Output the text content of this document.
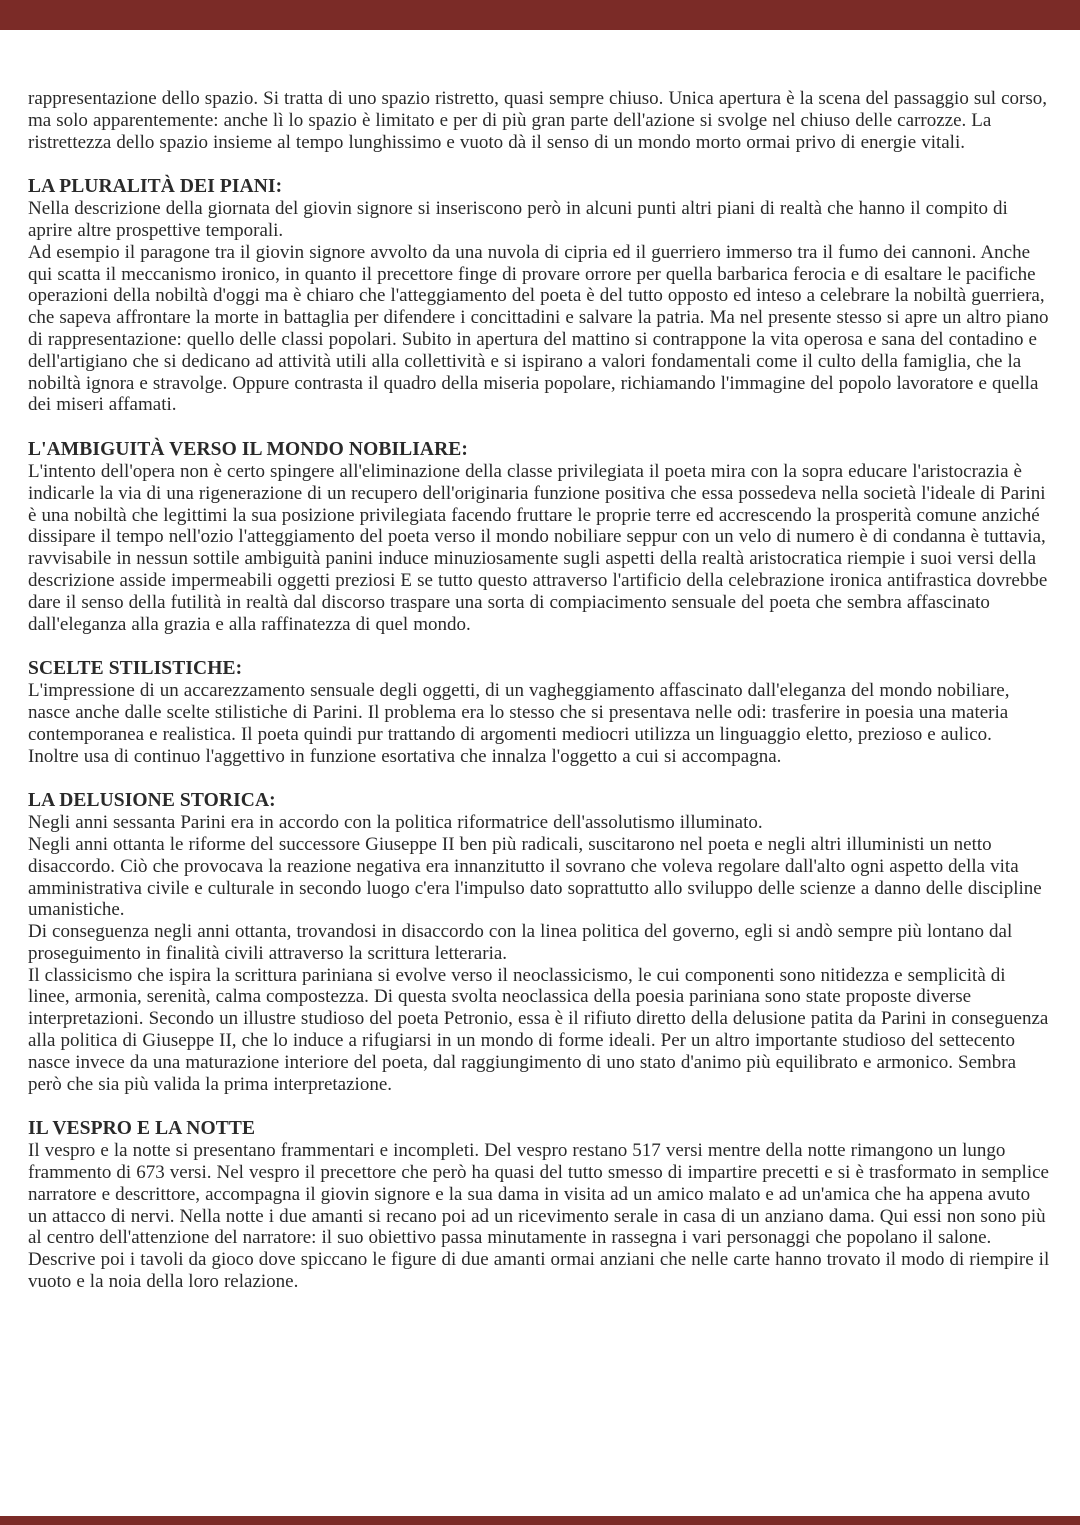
rappresentazione dello spazio. Si tratta di uno spazio ristretto, quasi sempre chiuso. Unica apertura è la scena del passaggio sul corso, ma solo apparentemente: anche lì lo spazio è limitato e per di più gran parte dell'azione si svolge nel chiuso delle carrozze. La ristrettezza dello spazio insieme al tempo lunghissimo e vuoto dà il senso di un mondo morto ormai privo di energie vitali.

LA PLURALITÀ DEI PIANI:

Nella descrizione della giornata del giovin signore si inseriscono però in alcuni punti altri piani di realtà che hanno il compito di aprire altre prospettive temporali.

Ad esempio il paragone tra il giovin signore avvolto da una nuvola di cipria ed il guerriero immerso tra il fumo dei cannoni. Anche qui scatta il meccanismo ironico, in quanto il precettore finge di provare orrore per quella barbarica ferocia e di esaltare le pacifiche operazioni della nobiltà d'oggi ma è chiaro che l'atteggiamento del poeta è del tutto opposto ed inteso a celebrare la nobiltà guerriera, che sapeva affrontare la morte in battaglia per difendere i concittadini e salvare la patria. Ma nel presente stesso si apre un altro piano di rappresentazione: quello delle classi popolari. Subito in apertura del mattino si contrappone la vita operosa e sana del contadino e dell'artigiano che si dedicano ad attività utili alla collettività e si ispirano a valori fondamentali come il culto della famiglia, che la nobiltà ignora e stravolge. Oppure contrasta il quadro della miseria popolare, richiamando l'immagine del popolo lavoratore e quella dei miseri affamati.

L'AMBIGUITÀ VERSO IL MONDO NOBILIARE:

L'intento dell'opera non è certo spingere all'eliminazione della classe privilegiata il poeta mira con la sopra educare l'aristocrazia è indicarle la via di una rigenerazione di un recupero dell'originaria funzione positiva che essa possedeva nella società l'ideale di Parini è una nobiltà che legittimi la sua posizione privilegiata facendo fruttare le proprie terre ed accrescendo la prosperità comune anziché dissipare il tempo nell'ozio l'atteggiamento del poeta verso il mondo nobiliare seppur con un velo di numero è di condanna è tuttavia, ravvisabile in nessun sottile ambiguità panini induce minuziosamente sugli aspetti della realtà aristocratica riempie i suoi versi della descrizione asside impermeabili oggetti preziosi E se tutto questo attraverso l'artificio della celebrazione ironica antifrastica dovrebbe dare il senso della futilità in realtà dal discorso traspare una sorta di compiacimento sensuale del poeta che sembra affascinato dall'eleganza alla grazia e alla raffinatezza di quel mondo.

SCELTE STILISTICHE:

L'impressione di un accarezzamento sensuale degli oggetti, di un vagheggiamento affascinato dall'eleganza del mondo nobiliare, nasce anche dalle scelte stilistiche di Parini. Il problema era lo stesso che si presentava nelle odi: trasferire in poesia una materia contemporanea e realistica. Il poeta quindi pur trattando di argomenti mediocri utilizza un linguaggio eletto, prezioso e aulico.

Inoltre usa di continuo l'aggettivo in funzione esortativa che innalza l'oggetto a cui si accompagna.

LA DELUSIONE STORICA:

Negli anni sessanta Parini era in accordo con la politica riformatrice dell'assolutismo illuminato.

Negli anni ottanta le riforme del successore Giuseppe II ben più radicali, suscitarono nel poeta e negli altri illuministi un netto disaccordo. Ciò che provocava la reazione negativa era innanzitutto il sovrano che voleva regolare dall'alto ogni aspetto della vita amministrativa civile e culturale in secondo luogo c'era l'impulso dato soprattutto allo sviluppo delle scienze a danno delle discipline umanistiche.

Di conseguenza negli anni ottanta, trovandosi in disaccordo con la linea politica del governo, egli si andò sempre più lontano dal proseguimento in finalità civili attraverso la scrittura letteraria.

Il classicismo che ispira la scrittura pariniana si evolve verso il neoclassicismo, le cui componenti sono nitidezza e semplicità di linee, armonia, serenità, calma compostezza. Di questa svolta neoclassica della poesia pariniana sono state proposte diverse interpretazioni. Secondo un illustre studioso del poeta Petronio, essa è il rifiuto diretto della delusione patita da Parini in conseguenza alla politica di Giuseppe II, che lo induce a rifugiarsi in un mondo di forme ideali. Per un altro importante studioso del settecento nasce invece da una maturazione interiore del poeta, dal raggiungimento di uno stato d'animo più equilibrato e armonico. Sembra però che sia più valida la prima interpretazione.

IL VESPRO E LA NOTTE

Il vespro e la notte si presentano frammentari e incompleti. Del vespro restano 517 versi mentre della notte rimangono un lungo frammento di 673 versi. Nel vespro il precettore che però ha quasi del tutto smesso di impartire precetti e si è trasformato in semplice narratore e descrittore, accompagna il giovin signore e la sua dama in visita ad un amico malato e ad un'amica che ha appena avuto un attacco di nervi. Nella notte i due amanti si recano poi ad un ricevimento serale in casa di un anziano dama. Qui essi non sono più al centro dell'attenzione del narratore: il suo obiettivo passa minutamente in rassegna i vari personaggi che popolano il salone. Descrive poi i tavoli da gioco dove spiccano le figure di due amanti ormai anziani che nelle carte hanno trovato il modo di riempire il vuoto e la noia della loro relazione.
